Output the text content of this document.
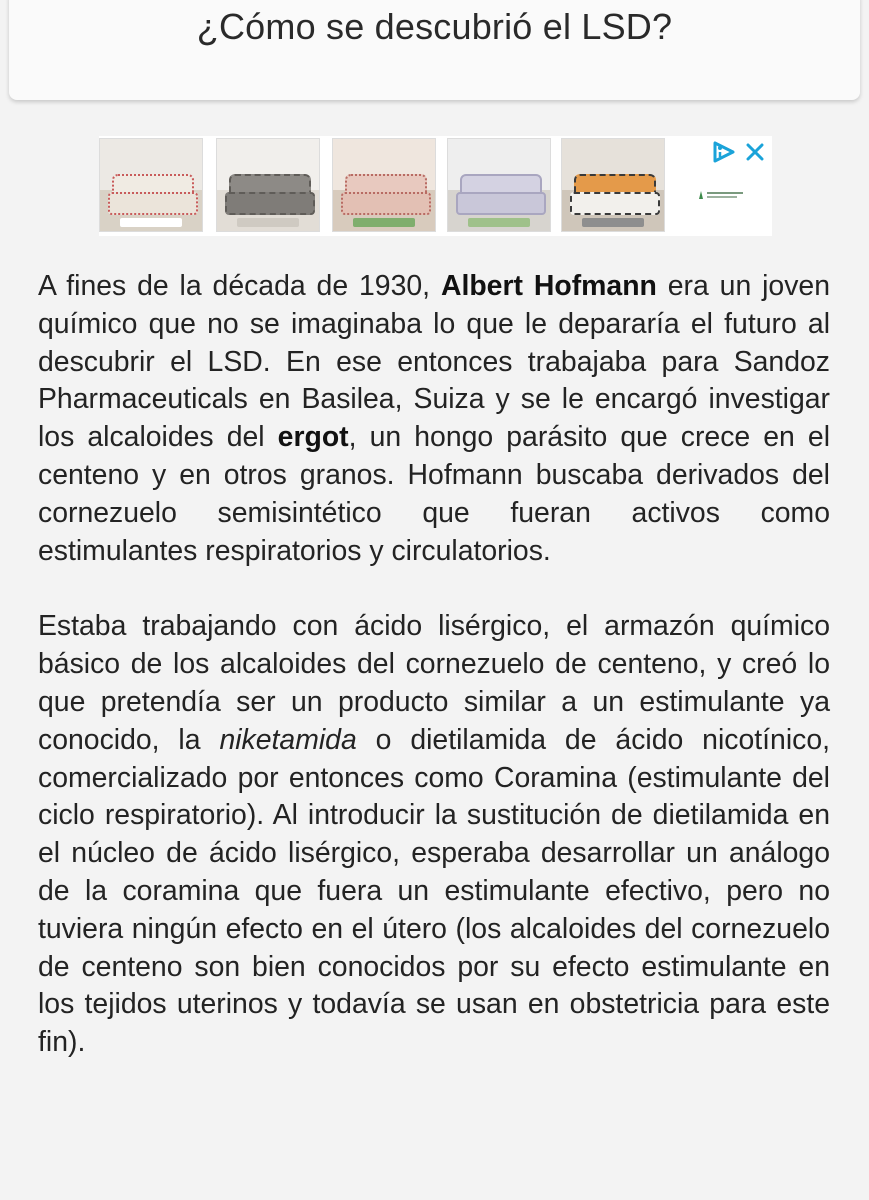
¿Cómo se descubrió el LSD?

A fines de la década de 1930, Albert Hofmann era un joven químico que no se imaginaba lo que le depararía el futuro al descubrir el LSD. En ese entonces trabajaba para Sandoz Pharmaceuticals en Basilea, Suiza y se le encargó investigar los alcaloides del ergot, un hongo parásito que crece en el centeno y en otros granos. Hofmann buscaba derivados del cornezuelo semisintético que fueran activos como estimulantes respiratorios y circulatorios.

Estaba trabajando con ácido lisérgico, el armazón químico básico de los alcaloides del cornezuelo de centeno, y creó lo que pretendía ser un producto similar a un estimulante ya conocido, la niketamida o dietilamida de ácido nicotínico, comercializado por entonces como Coramina (estimulante del ciclo respiratorio). Al introducir la sustitución de dietilamida en el núcleo de ácido lisérgico, esperaba desarrollar un análogo de la coramina que fuera un estimulante efectivo, pero no tuviera ningún efecto en el útero (los alcaloides del cornezuelo de centeno son bien conocidos por su efecto estimulante en los tejidos uterinos y todavía se usan en obstetricia para este fin).
